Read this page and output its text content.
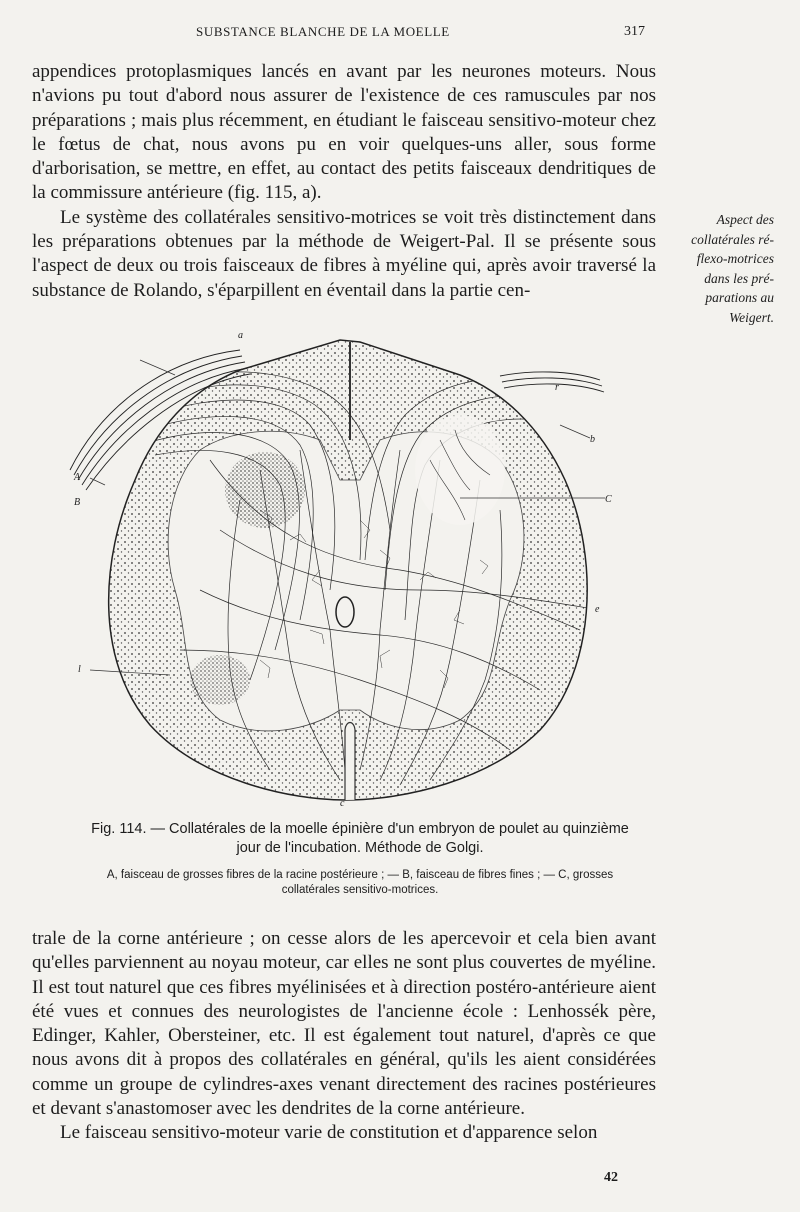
SUBSTANCE BLANCHE DE LA MOELLE	317

appendices protoplasmiques lancés en avant par les neurones moteurs. Nous n'avions pu tout d'abord nous assurer de l'existence de ces ramuscules par nos préparations ; mais plus récemment, en étudiant le faisceau sensitivo-moteur chez le fœtus de chat, nous avons pu en voir quelques-uns aller, sous forme d'arborisation, se mettre, en effet, au contact des petits faisceaux dendritiques de la commissure antérieure (fig. 115, a).

Le système des collatérales sensitivo-motrices se voit très distinctement dans les préparations obtenues par la méthode de Weigert-Pal. Il se présente sous l'aspect de deux ou trois faisceaux de fibres à myéline qui, après avoir traversé la substance de Rolando, s'éparpillent en éventail dans la partie cen-

Aspect des
collatérales ré-
flexo-motrices
dans les pré-
parations au
Weigert.
a
A
B	C
b
c
e
r
l
Fig. 114. — Collatérales de la moelle épinière d'un embryon de poulet au quinzième jour de l'incubation. Méthode de Golgi.
A, faisceau de grosses fibres de la racine postérieure ; — B, faisceau de fibres fines ; — C, grosses collatérales sensitivo-motrices.

trale de la corne antérieure ; on cesse alors de les apercevoir et cela bien avant qu'elles parviennent au noyau moteur, car elles ne sont plus couvertes de myéline. Il est tout naturel que ces fibres myélinisées et à direction postéro-antérieure aient été vues et connues des neurologistes de l'ancienne école : Lenhossék père, Edinger, Kahler, Obersteiner, etc. Il est également tout naturel, d'après ce que nous avons dit à propos des collatérales en général, qu'ils les aient considérées comme un groupe de cylindres-axes venant directement des racines postérieures et devant s'anastomoser avec les dendrites de la corne antérieure.

Le faisceau sensitivo-moteur varie de constitution et d'apparence selon

42
